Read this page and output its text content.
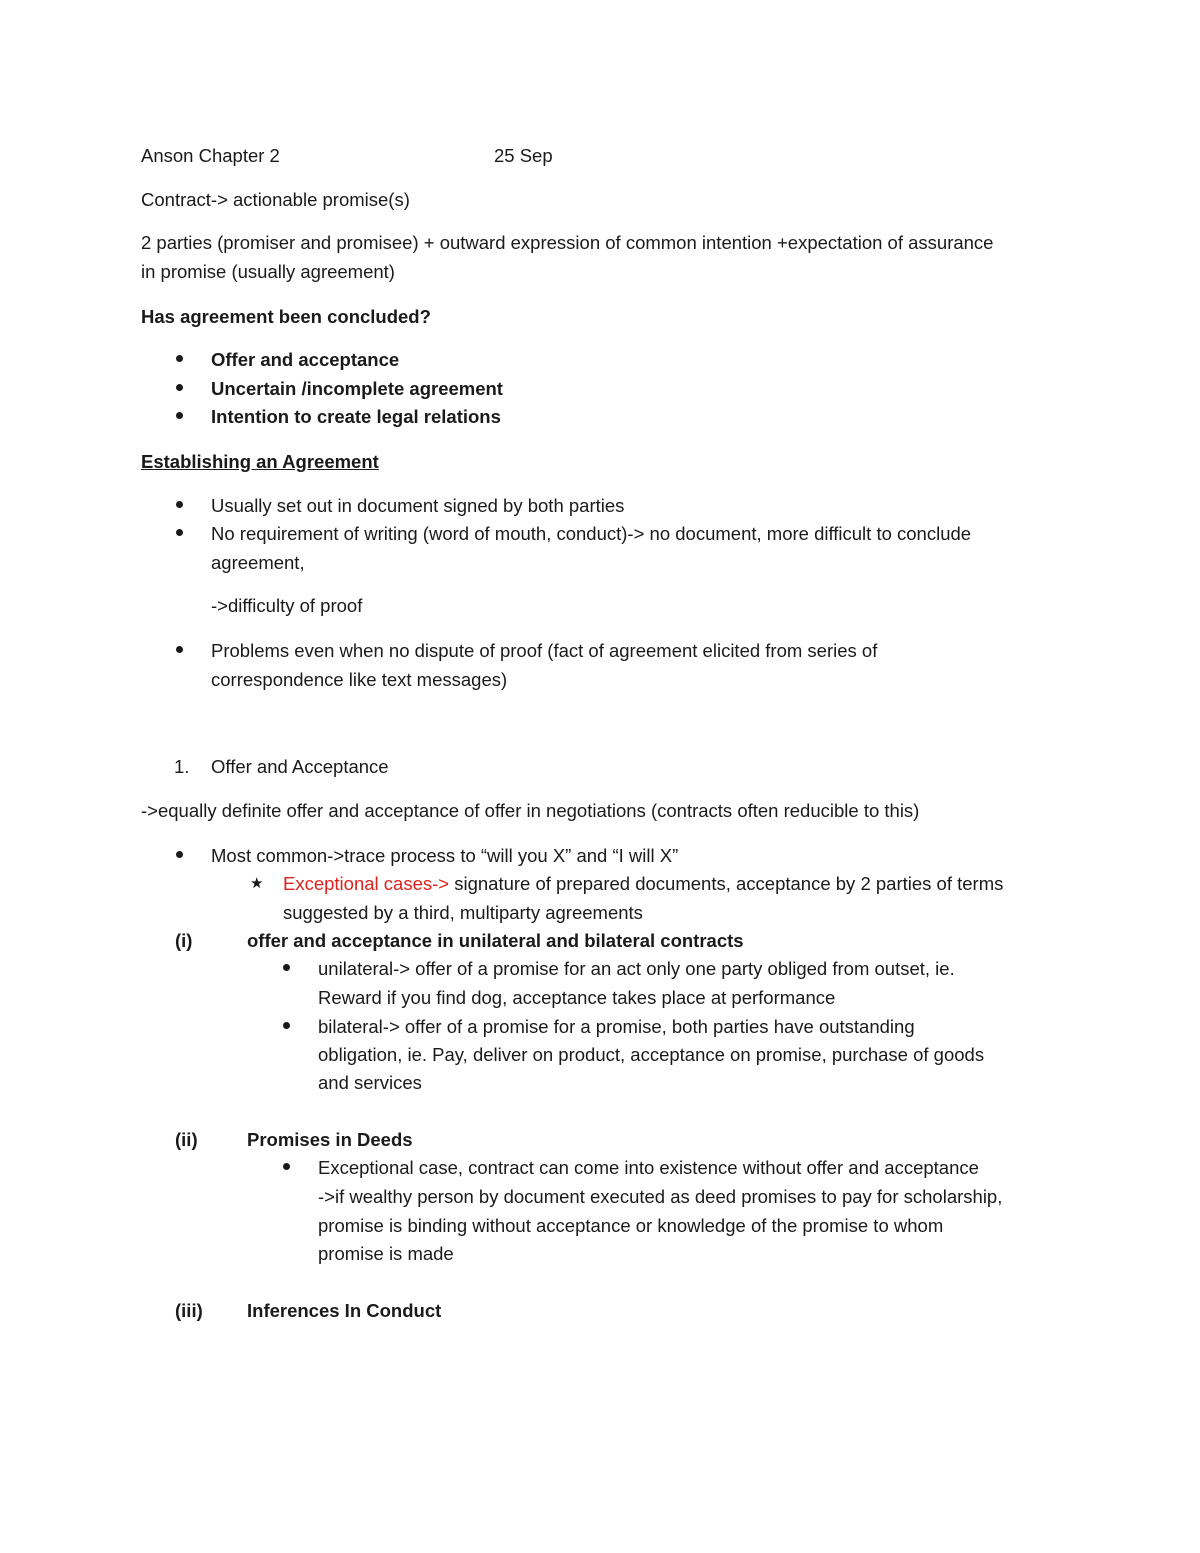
Anson Chapter 2	25 Sep
Contract-> actionable promise(s)
2 parties (promiser and promisee) + outward expression of common intention +expectation of assurance
in promise (usually agreement)
Has agreement been concluded?
Offer and acceptance
Uncertain /incomplete agreement
Intention to create legal relations
Establishing an Agreement
Usually set out in document signed by both parties
No requirement of writing (word of mouth, conduct)-> no document, more difficult to conclude
agreement,
->difficulty of proof
Problems even when no dispute of proof (fact of agreement elicited from series of
correspondence like text messages)
1. Offer and Acceptance
->equally definite offer and acceptance of offer in negotiations (contracts often reducible to this)
Most common->trace process to “will you X” and “I will X”
★ Exceptional cases-> signature of prepared documents, acceptance by 2 parties of terms
suggested by a third, multiparty agreements
(i)	offer and acceptance in unilateral and bilateral contracts
unilateral-> offer of a promise for an act only one party obliged from outset, ie.
Reward if you find dog, acceptance takes place at performance
bilateral-> offer of a promise for a promise, both parties have outstanding
obligation, ie. Pay, deliver on product, acceptance on promise, purchase of goods
and services
(ii)	Promises in Deeds
Exceptional case, contract can come into existence without offer and acceptance
->if wealthy person by document executed as deed promises to pay for scholarship,
promise is binding without acceptance or knowledge of the promise to whom
promise is made
(iii) Inferences In Conduct
